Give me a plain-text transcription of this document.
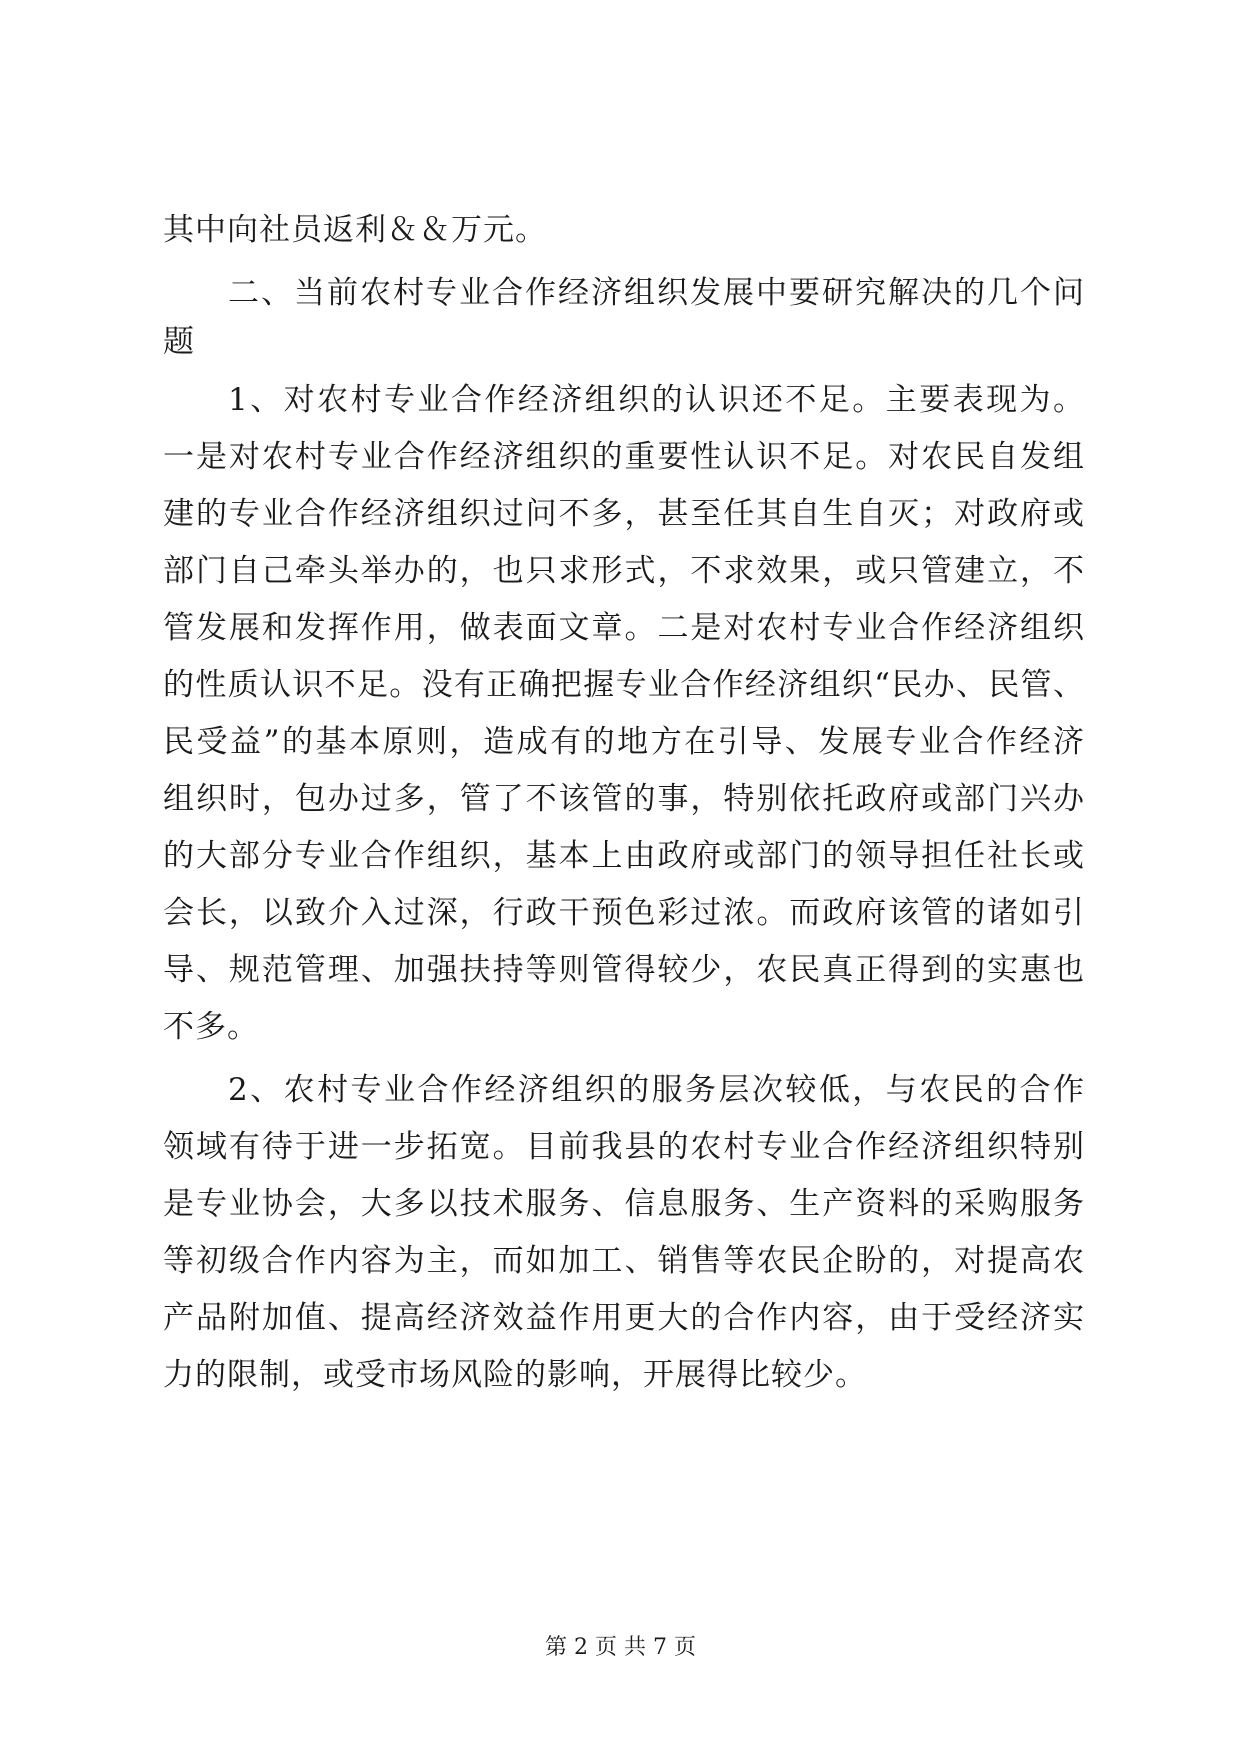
其中向社员返利＆＆万元。
二、当前农村专业合作经济组织发展中要研究解决的几个问
题
1、对农村专业合作经济组织的认识还不足。主要表现为。
一是对农村专业合作经济组织的重要性认识不足。对农民自发组
建的专业合作经济组织过问不多，甚至任其自生自灭；对政府或
部门自己牵头举办的，也只求形式，不求效果，或只管建立，不
管发展和发挥作用，做表面文章。二是对农村专业合作经济组织
的性质认识不足。没有正确把握专业合作经济组织“民办、民管、
民受益”的基本原则，造成有的地方在引导、发展专业合作经济
组织时，包办过多，管了不该管的事，特别依托政府或部门兴办
的大部分专业合作组织，基本上由政府或部门的领导担任社长或
会长，以致介入过深，行政干预色彩过浓。而政府该管的诸如引
导、规范管理、加强扶持等则管得较少，农民真正得到的实惠也
不多。
2、农村专业合作经济组织的服务层次较低，与农民的合作
领域有待于进一步拓宽。目前我县的农村专业合作经济组织特别
是专业协会，大多以技术服务、信息服务、生产资料的采购服务
等初级合作内容为主，而如加工、销售等农民企盼的，对提高农
产品附加值、提高经济效益作用更大的合作内容，由于受经济实
力的限制，或受市场风险的影响，开展得比较少。
第 2 页 共 7 页
